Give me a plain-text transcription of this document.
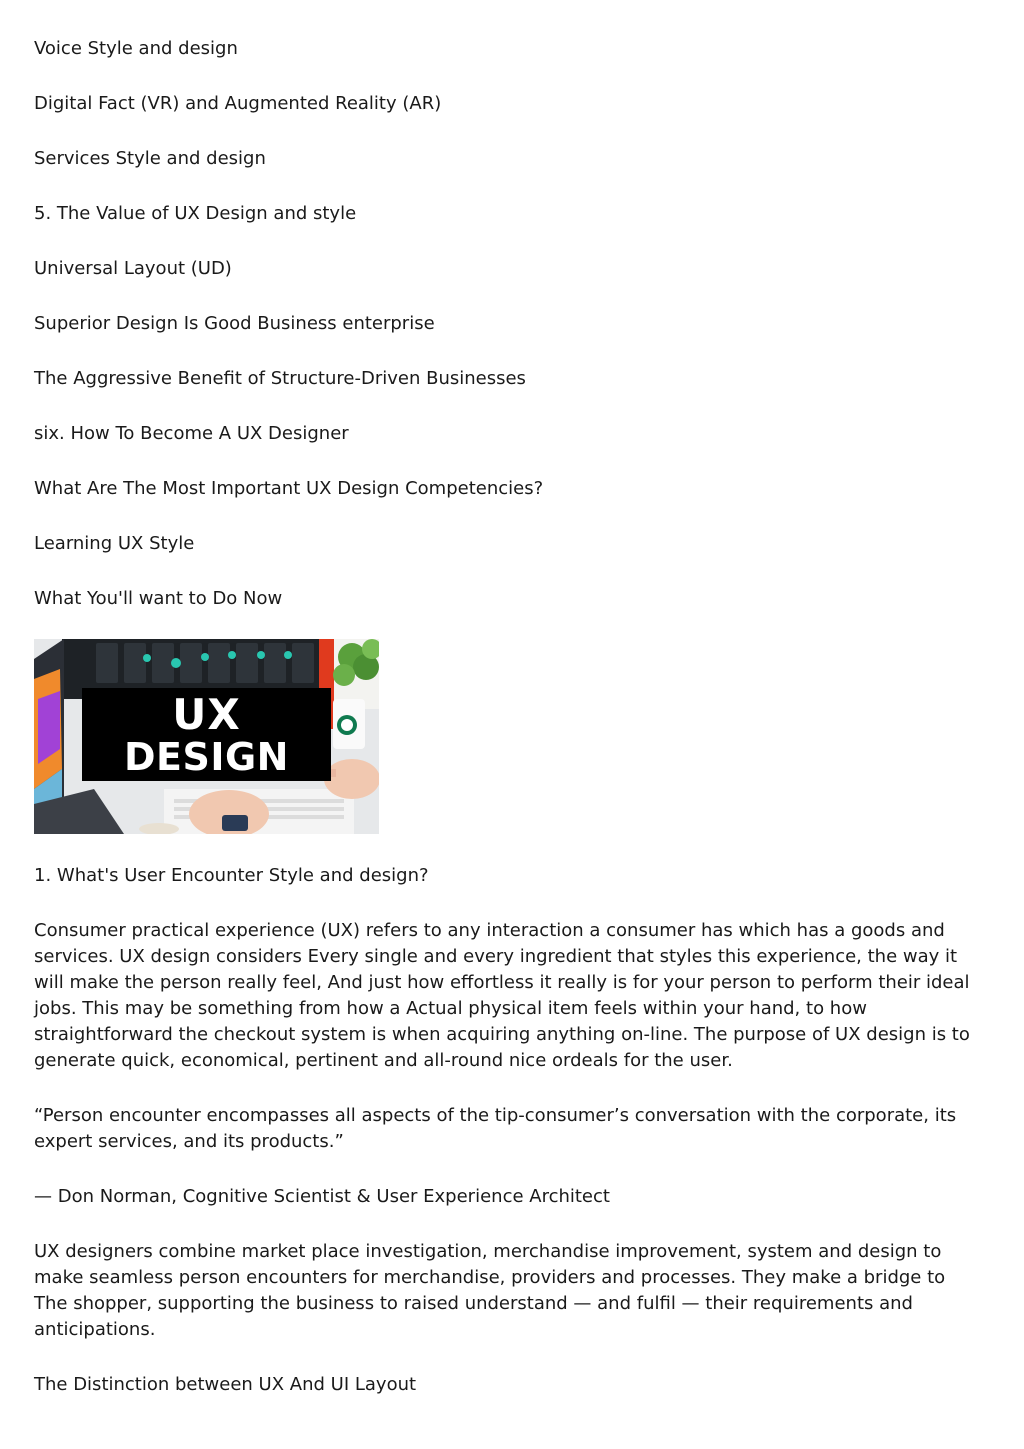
Voice Style and design

Digital Fact (VR) and Augmented Reality (AR)

Services Style and design

5. The Value of UX Design and style

Universal Layout (UD)

Superior Design Is Good Business enterprise

The Aggressive Benefit of Structure-Driven Businesses

six. How To Become A UX Designer

What Are The Most Important UX Design Competencies?

Learning UX Style

What You'll want to Do Now

UX
DESIGN

1. What's User Encounter Style and design?

Consumer practical experience (UX) refers to any interaction a consumer has which has a goods and services. UX design considers Every single and every ingredient that styles this experience, the way it will make the person really feel, And just how effortless it really is for your person to perform their ideal jobs. This may be something from how a Actual physical item feels within your hand, to how straightforward the checkout system is when acquiring anything on-line. The purpose of UX design is to generate quick, economical, pertinent and all-round nice ordeals for the user.

“Person encounter encompasses all aspects of the tip-consumer’s conversation with the corporate, its expert services, and its products.”

— Don Norman, Cognitive Scientist & User Experience Architect

UX designers combine market place investigation, merchandise improvement, system and design to make seamless person encounters for merchandise, providers and processes. They make a bridge to The shopper, supporting the business to raised understand — and fulfil — their requirements and anticipations.

The Distinction between UX And UI Layout
